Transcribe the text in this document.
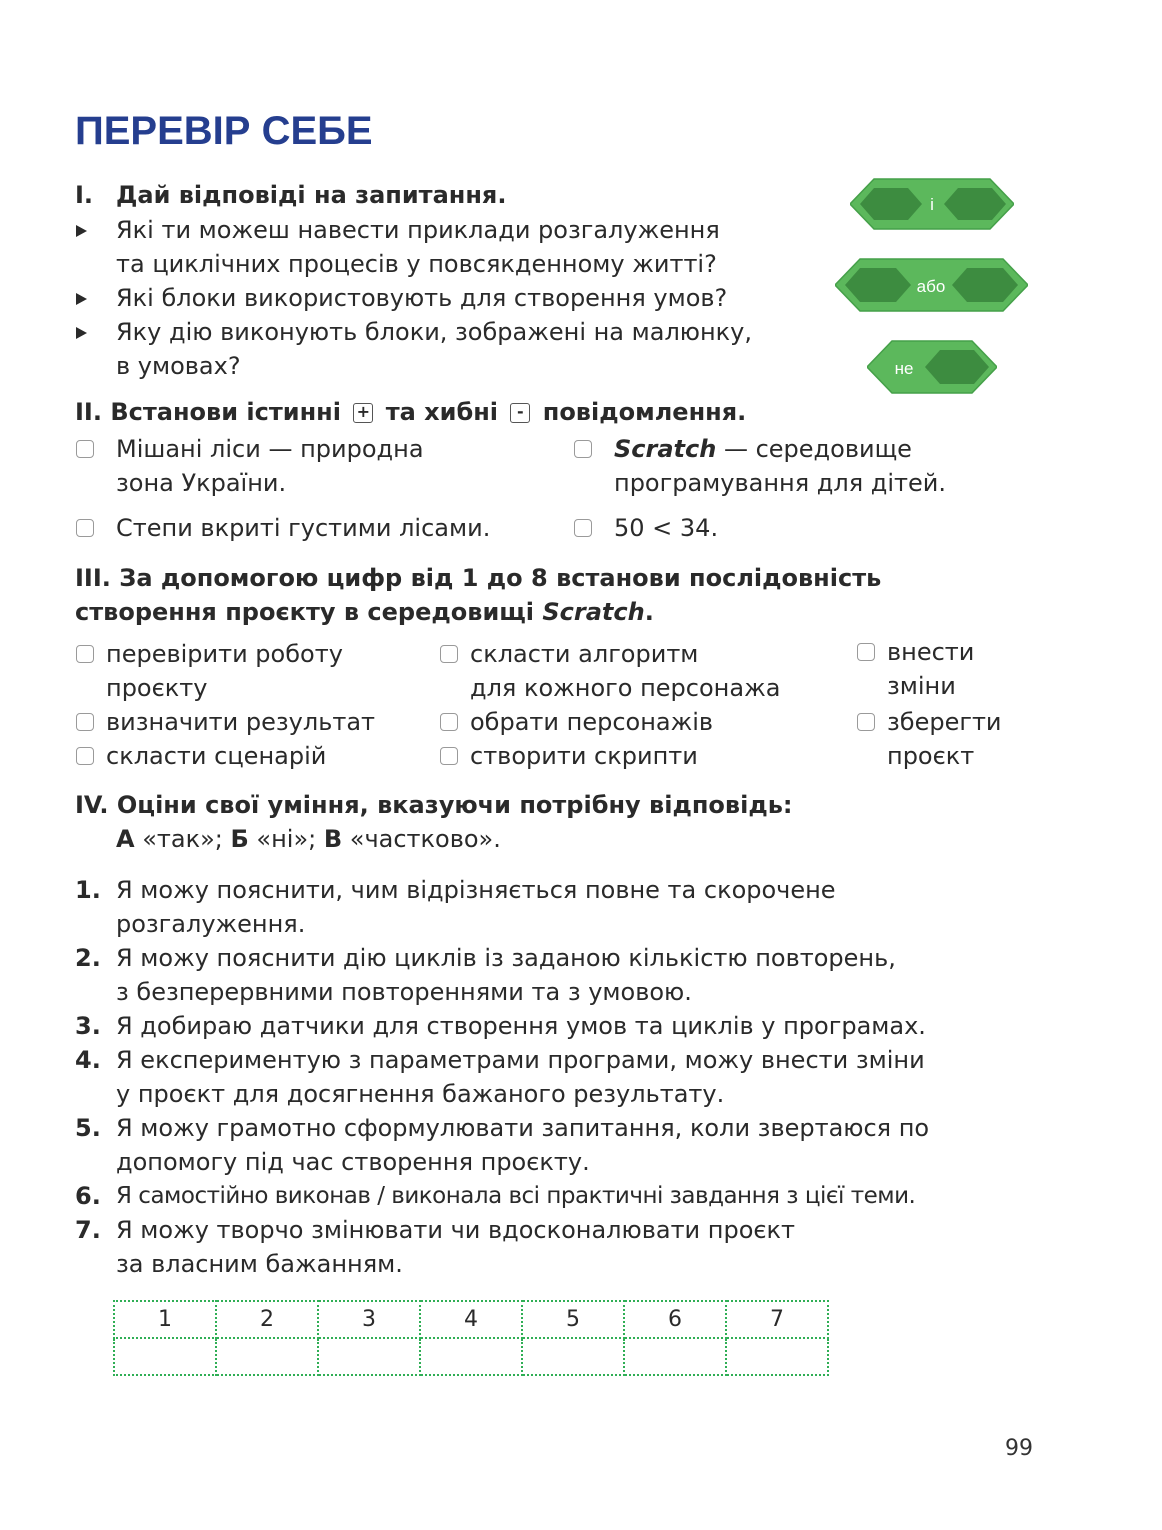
ПЕРЕВІР СЕБЕ
I. Дай відповіді на запитання.
Які ти можеш навести приклади розгалуження
та циклічних процесів у повсякденному житті?
Які блоки використовують для створення умов?
Яку дію виконують блоки, зображені на малюнку,
в умовах?
і
або
не
II. Встанови істинні + та хибні - повідомлення.
Мішані ліси — природна
зона України.
Scratch — середовище
програмування для дітей.
Степи вкриті густими лісами.	50 < 34.
III. За допомогою цифр від 1 до 8 встанови послідовність
створення проєкту в середовищі Scratch.
перевірити роботу
проєкту
визначити результат
скласти сценарій
скласти алгоритм
для кожного персонажа
обрати персонажів
створити скрипти
внести
зміни
зберегти
проєкт
IV. Оціни свої уміння, вказуючи потрібну відповідь:
А «так»; Б «ні»; В «частково».
1. Я можу пояснити, чим відрізняється повне та скорочене
розгалуження.
2. Я можу пояснити дію циклів із заданою кількістю повторень,
з безперервними повтореннями та з умовою.
3. Я добираю датчики для створення умов та циклів у програмах.
4. Я експериментую з параметрами програми, можу внести зміни
у проєкт для досягнення бажаного результату.
5. Я можу грамотно сформулювати запитання, коли звертаюся по
допомогу під час створення проєкту.
6. Я самостійно виконав / виконала всі практичні завдання з цієї теми.
7. Я можу творчо змінювати чи вдосконалювати проєкт
за власним бажанням.
1	2	3	4	5	6	7

99
